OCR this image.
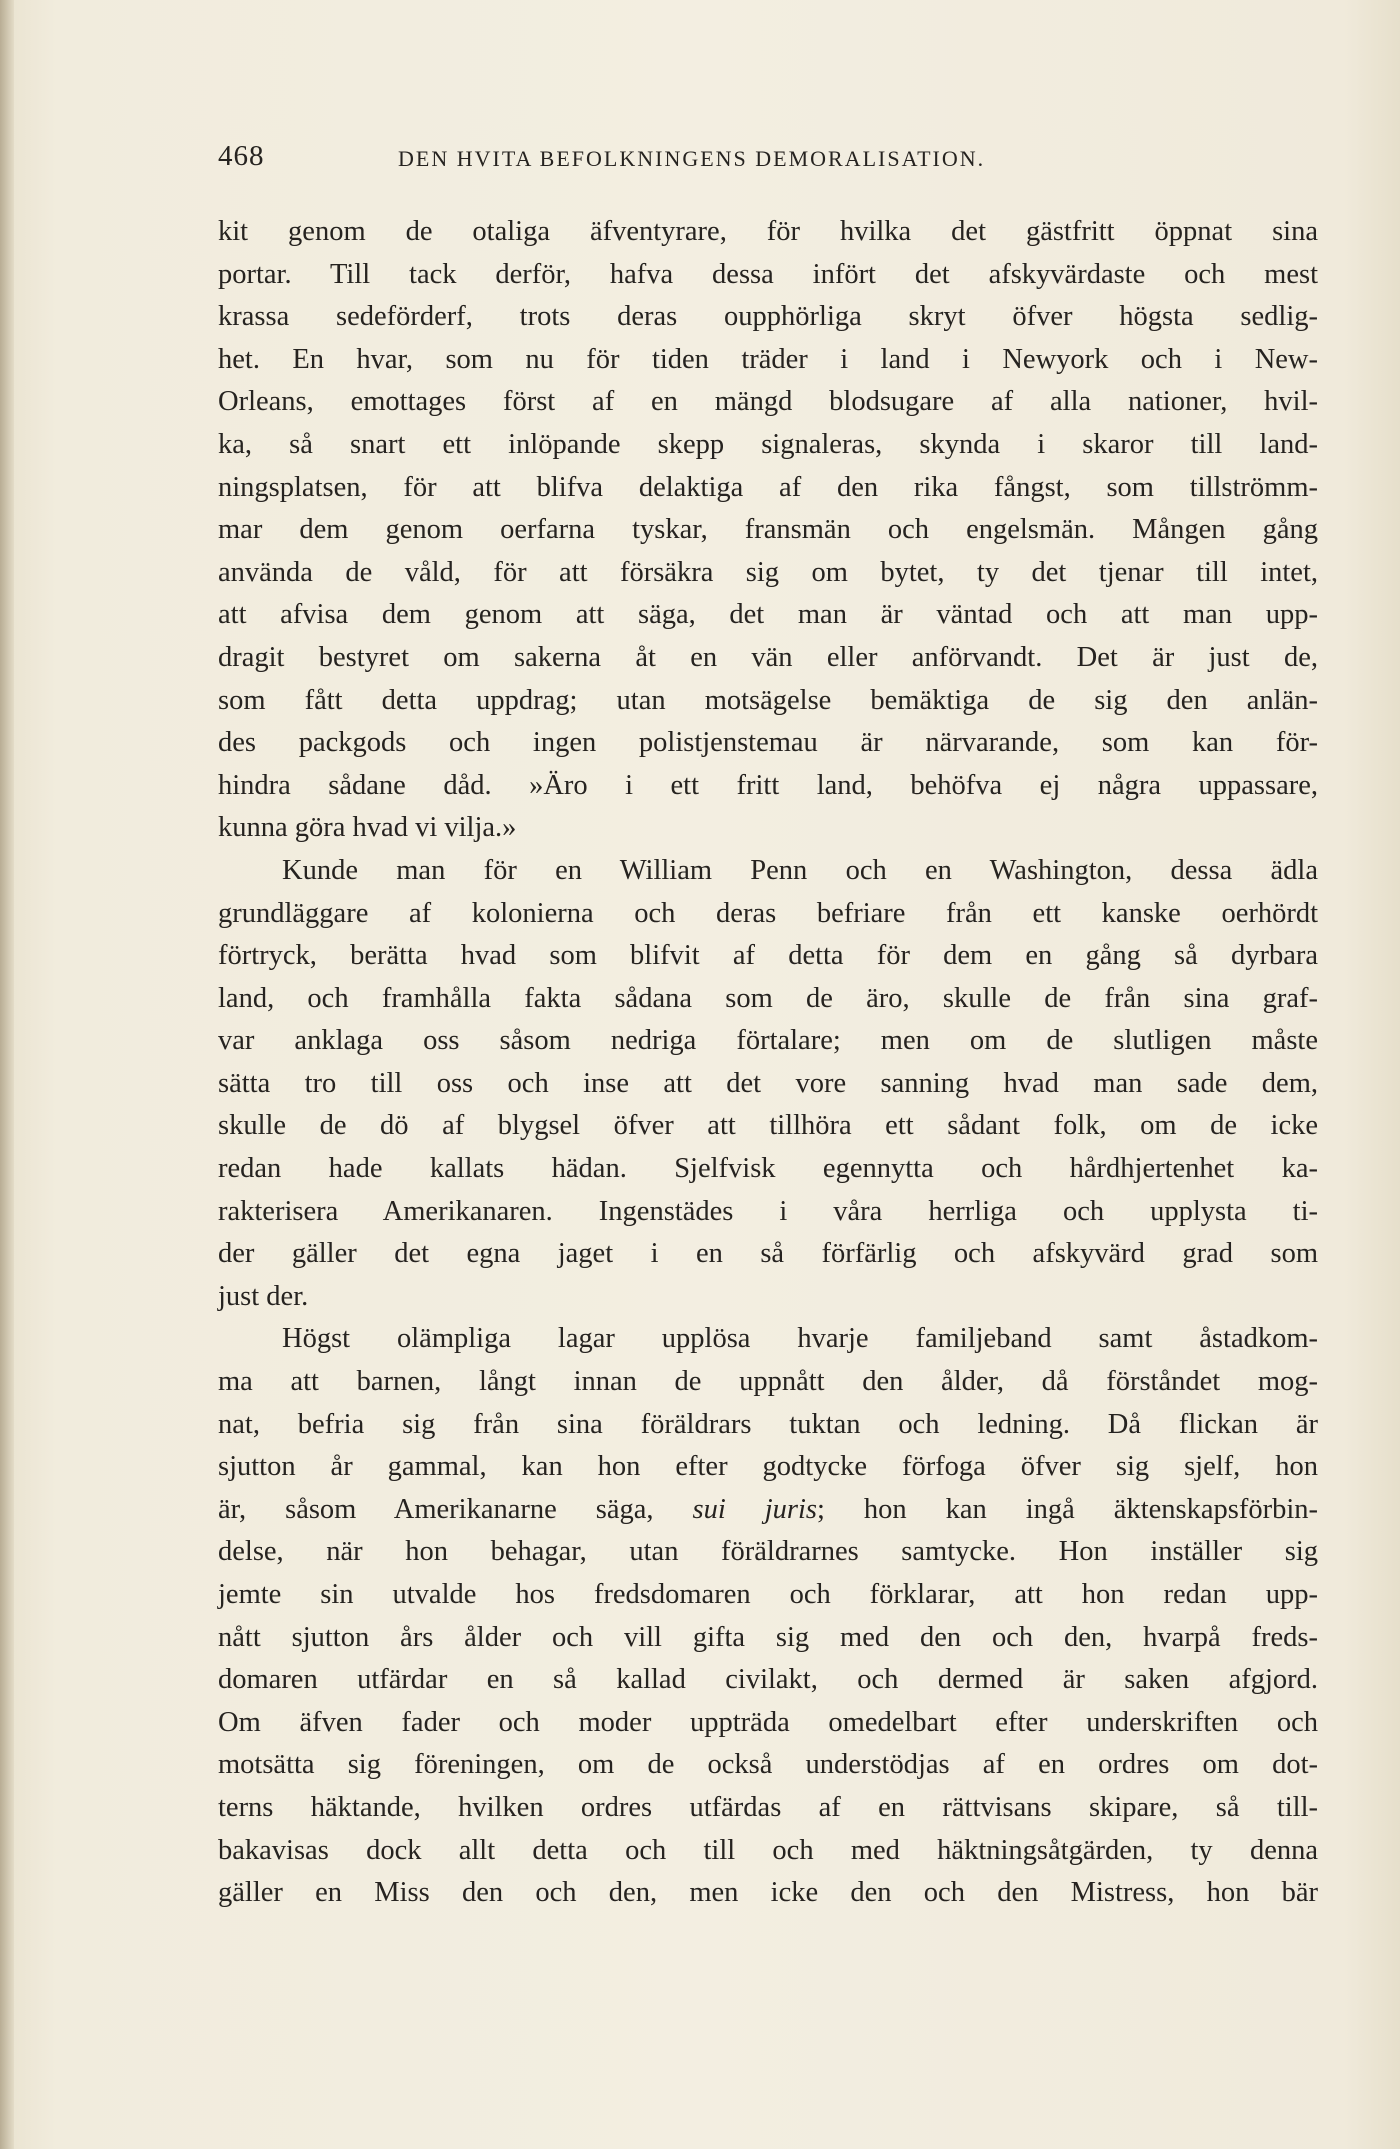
468	DEN HVITA BEFOLKNINGENS DEMORALISATION.
kit genom de otaliga äfventyrare, för hvilka det gästfritt öppnat sina
portar. Till tack derför, hafva dessa infört det afskyvärdaste och mest
krassa sedeförderf, trots deras oupphörliga skryt öfver högsta sedlig-
het. En hvar, som nu för tiden träder i land i Newyork och i New-
Orleans, emottages först af en mängd blodsugare af alla nationer, hvil-
ka, så snart ett inlöpande skepp signaleras, skynda i skaror till land-
ningsplatsen, för att blifva delaktiga af den rika fångst, som tillströmm-
mar dem genom oerfarna tyskar, fransmän och engelsmän. Mången gång
använda de våld, för att försäkra sig om bytet, ty det tjenar till intet,
att afvisa dem genom att säga, det man är väntad och att man upp-
dragit bestyret om sakerna åt en vän eller anförvandt. Det är just de,
som fått detta uppdrag; utan motsägelse bemäktiga de sig den anlän-
des packgods och ingen polistjenstemau är närvarande, som kan för-
hindra sådane dåd. »Äro i ett fritt land, behöfva ej några uppassare,
kunna göra hvad vi vilja.»
Kunde man för en William Penn och en Washington, dessa ädla
grundläggare af kolonierna och deras befriare från ett kanske oerhördt
förtryck, berätta hvad som blifvit af detta för dem en gång så dyrbara
land, och framhålla fakta sådana som de äro, skulle de från sina graf-
var anklaga oss såsom nedriga förtalare; men om de slutligen måste
sätta tro till oss och inse att det vore sanning hvad man sade dem,
skulle de dö af blygsel öfver att tillhöra ett sådant folk, om de icke
redan hade kallats hädan. Sjelfvisk egennytta och hårdhjertenhet ka-
rakterisera Amerikanaren. Ingenstädes i våra herrliga och upplysta ti-
der gäller det egna jaget i en så förfärlig och afskyvärd grad som
just der.
Högst olämpliga lagar upplösa hvarje familjeband samt åstadkom-
ma att barnen, långt innan de uppnått den ålder, då förståndet mog-
nat, befria sig från sina föräldrars tuktan och ledning. Då flickan är
sjutton år gammal, kan hon efter godtycke förfoga öfver sig sjelf, hon
är, såsom Amerikanarne säga, sui juris; hon kan ingå äktenskapsförbin-
delse, när hon behagar, utan föräldrarnes samtycke. Hon inställer sig
jemte sin utvalde hos fredsdomaren och förklarar, att hon redan upp-
nått sjutton års ålder och vill gifta sig med den och den, hvarpå freds-
domaren utfärdar en så kallad civilakt, och dermed är saken afgjord.
Om äfven fader och moder uppträda omedelbart efter underskriften och
motsätta sig föreningen, om de också understödjas af en ordres om dot-
terns häktande, hvilken ordres utfärdas af en rättvisans skipare, så till-
bakavisas dock allt detta och till och med häktningsåtgärden, ty denna
gäller en Miss den och den, men icke den och den Mistress, hon bär
